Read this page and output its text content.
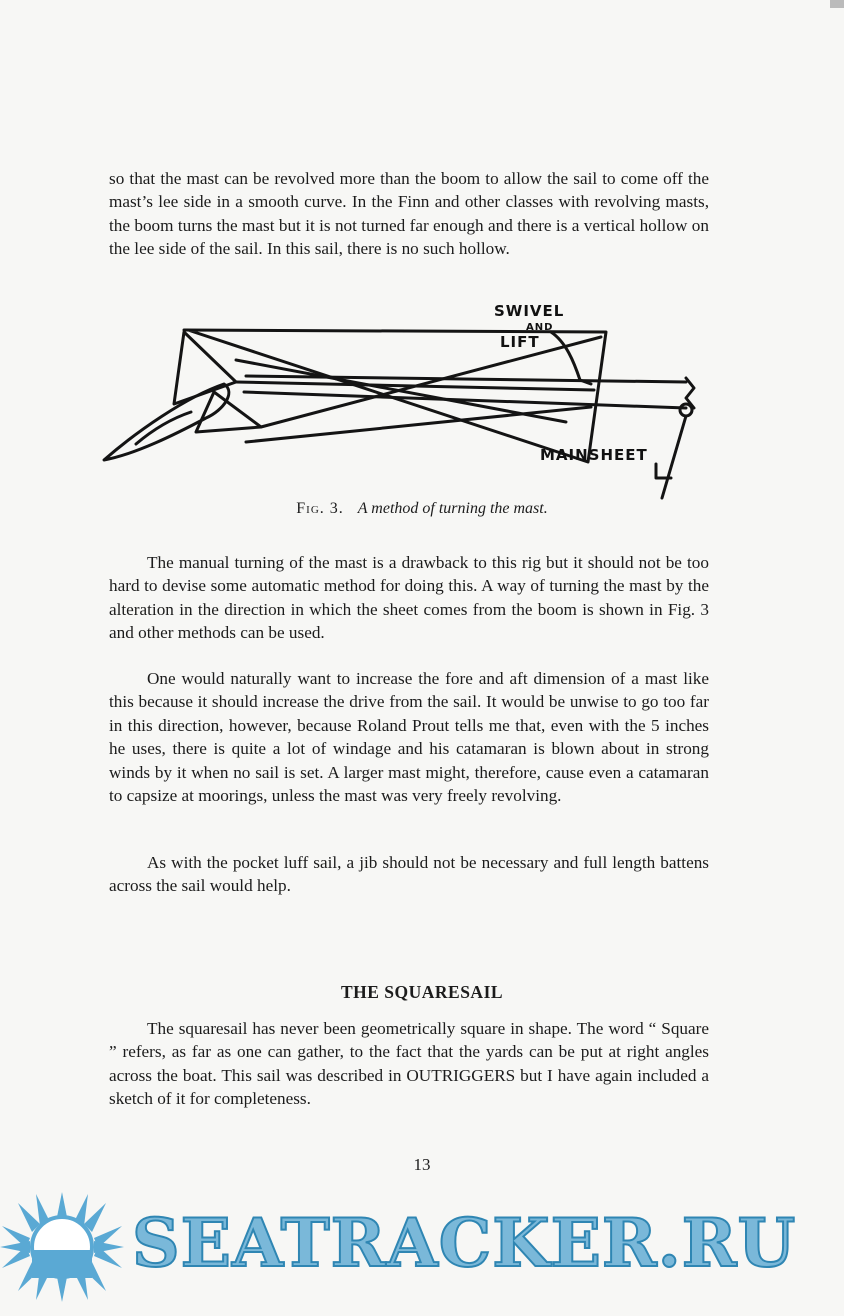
so that the mast can be revolved more than the boom to allow the sail to come off the mast’s lee side in a smooth curve. In the Finn and other classes with revolving masts, the boom turns the mast but it is not turned far enough and there is a vertical hollow on the lee side of the sail. In this sail, there is no such hollow.

SWIVEL
AND
LIFT
MAINSHEET

Fig. 3. A method of turning the mast.

The manual turning of the mast is a drawback to this rig but it should not be too hard to devise some automatic method for doing this. A way of turning the mast by the alteration in the direction in which the sheet comes from the boom is shown in Fig. 3 and other methods can be used.

One would naturally want to increase the fore and aft dimension of a mast like this because it should increase the drive from the sail. It would be unwise to go too far in this direction, however, because Roland Prout tells me that, even with the 5 inches he uses, there is quite a lot of windage and his catamaran is blown about in strong winds by it when no sail is set. A larger mast might, therefore, cause even a catamaran to capsize at moorings, unless the mast was very freely revolving.

As with the pocket luff sail, a jib should not be necessary and full length battens across the sail would help.

THE SQUARESAIL

The squaresail has never been geometrically square in shape. The word “ Square ” refers, as far as one can gather, to the fact that the yards can be put at right angles across the boat. This sail was described in OUTRIGGERS but I have again included a sketch of it for completeness.

13

SEATRACKER.RU
